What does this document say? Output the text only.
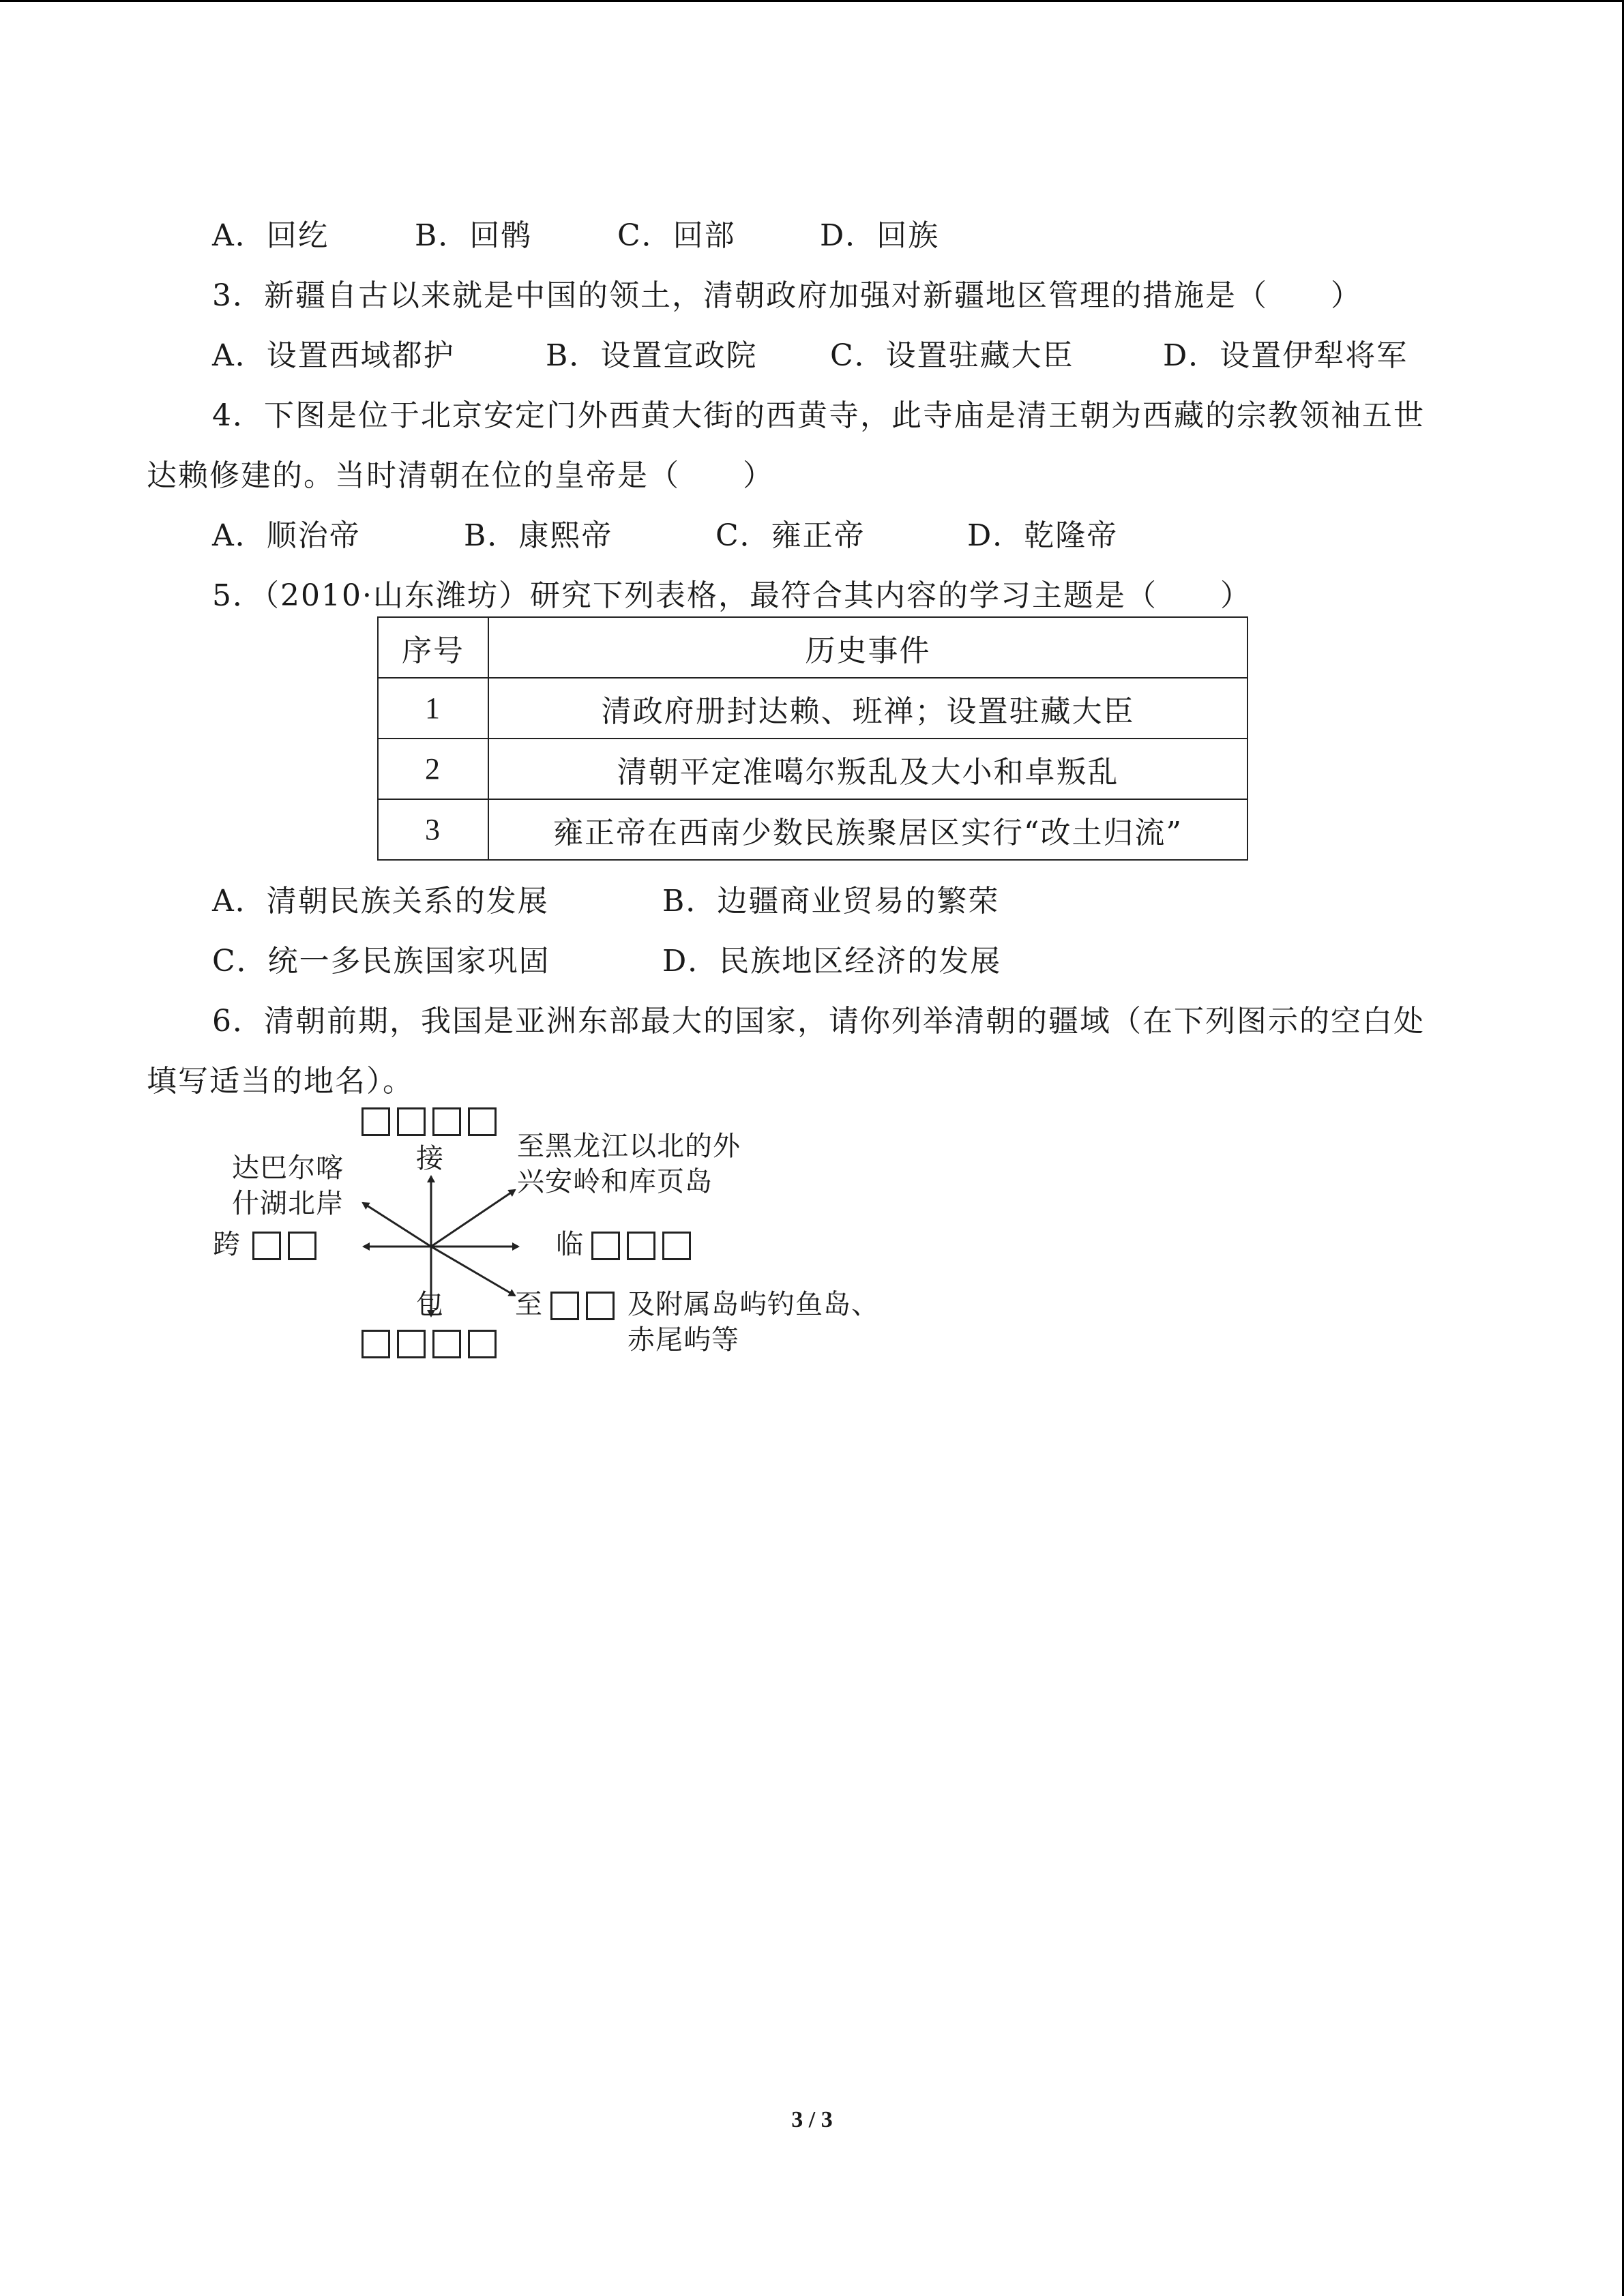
A．回纥	B．回鹘	C．回部	D．回族
3．新疆自古以来就是中国的领土，清朝政府加强对新疆地区管理的措施是（　　）
A．设置西域都护	B．设置宣政院 C．设置驻藏大臣	D．设置伊犁将军
4．下图是位于北京安定门外西黄大街的西黄寺，此寺庙是清王朝为西藏的宗教领袖五世
达赖修建的。当时清朝在位的皇帝是（　　）
A．顺治帝	B．康熙帝	C．雍正帝	D．乾隆帝
5．（2010·山东潍坊）研究下列表格，最符合其内容的学习主题是（　　）
序号	历史事件
1	清政府册封达赖、班禅；设置驻藏大臣
2	清朝平定准噶尔叛乱及大小和卓叛乱
3	雍正帝在西南少数民族聚居区实行“改土归流”
A．清朝民族关系的发展	B．边疆商业贸易的繁荣
C．统一多民族国家巩固	D．民族地区经济的发展
6．清朝前期，我国是亚洲东部最大的国家，请你列举清朝的疆域（在下列图示的空白处
填写适当的地名）。
接	至黑龙江以北的外
兴安岭和库页岛
达巴尔喀
什湖北岸
跨	临
包	至	及附属岛屿钓鱼岛、
赤尾屿等
3 / 3
